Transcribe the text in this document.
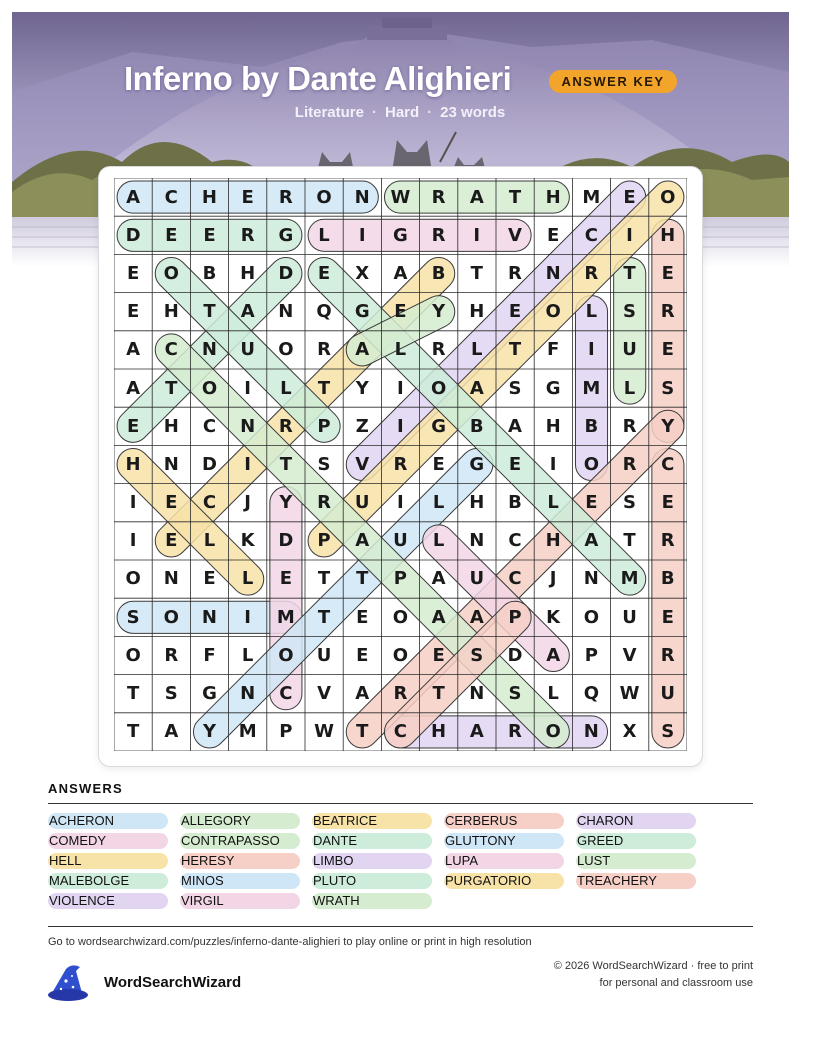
Inferno by Dante Alighieri	ANSWER KEY
Literature · Hard · 23 words
A	C	H	E	R	O	N	W	R	A	T	H	M	E	O
D	E	E	R	G	L	I	G	R	I	V	E	C	I	H
E	O	B	H	D	E	X	A	B	T	R	N	R	T	E
E	H	T	A	N	Q	G	E	Y	H	E	O	L	S	R
A	C	N	U	O	R	A	L	R	L	T	F	I	U	E
A	T	O	I	L	T	Y	I	O	A	S	G	M	L	S
E	H	C	N	R	P	Z	I	G	B	A	H	B	R	Y
H	N	D	I	T	S	V	R	E	G	E	I	O	R	C
I	E	C	J	Y	R	U	I	L	H	B	L	E	S	E
I	E	L	K	D	P	A	U	L	N	C	H	A	T	R
O	N	E	L	E	T	T	P	A	U	C	J	N	M	B
S	O	N	I	M	T	E	O	A	A	P	K	O	U	E
O	R	F	L	O	U	E	O	E	S	D	A	P	V	R
T	S	G	N	C	V	A	R	T	N	S	L	Q	W	U
T	A	Y	M	P	W	T	C	H	A	R	O	N	X	S
ANSWERS
ACHERON	ALLEGORY	BEATRICE	CERBERUS	CHARON
COMEDY	CONTRAPASSO	DANTE	GLUTTONY	GREED
HELL	HERESY	LIMBO	LUPA	LUST
MALEBOLGE	MINOS	PLUTO	PURGATORIO	TREACHERY
VIOLENCE	VIRGIL	WRATH
Go to wordsearchwizard.com/puzzles/inferno-dante-alighieri to play online or print in high resolution
WordSearchWizard
© 2026 WordSearchWizard · free to print for personal and classroom use
